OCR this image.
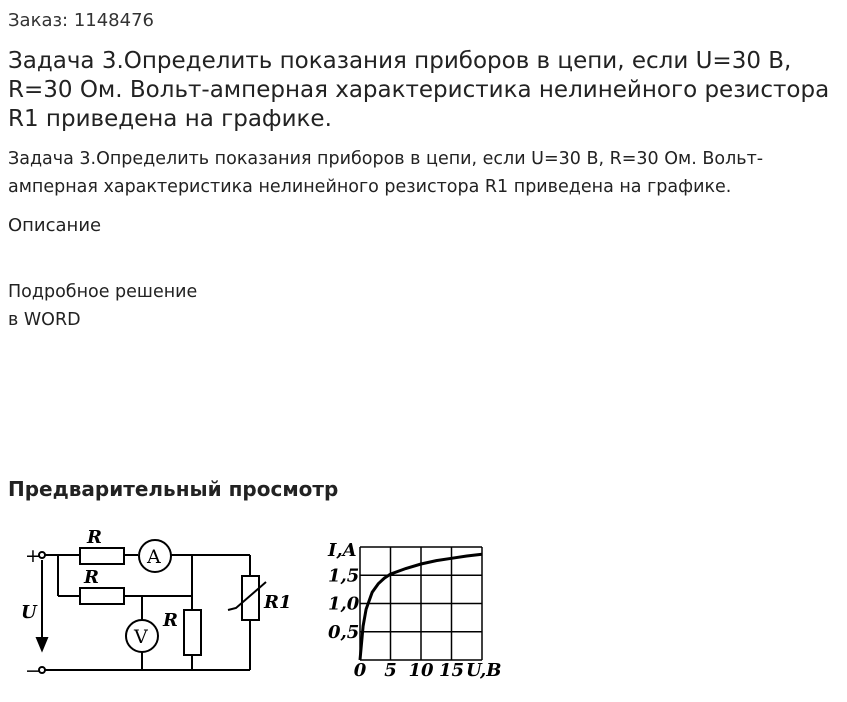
Заказ: 1148476
Задача 3.Определить показания приборов в цепи, если U=30 В, R=30 Ом. Вольт-амперная характеристика нелинейного резистора R1 приведена на графике.
Задача 3.Определить показания приборов в цепи, если U=30 В, R=30 Ом. Вольт-амперная характеристика нелинейного резистора R1 приведена на графике.
Описание
Подробное решение
в WORD
Предварительный просмотр
+
−
U
R
R
R
A
V
R1
I,A
U,B
1,5
1,0
0,5
0 5 10 15
